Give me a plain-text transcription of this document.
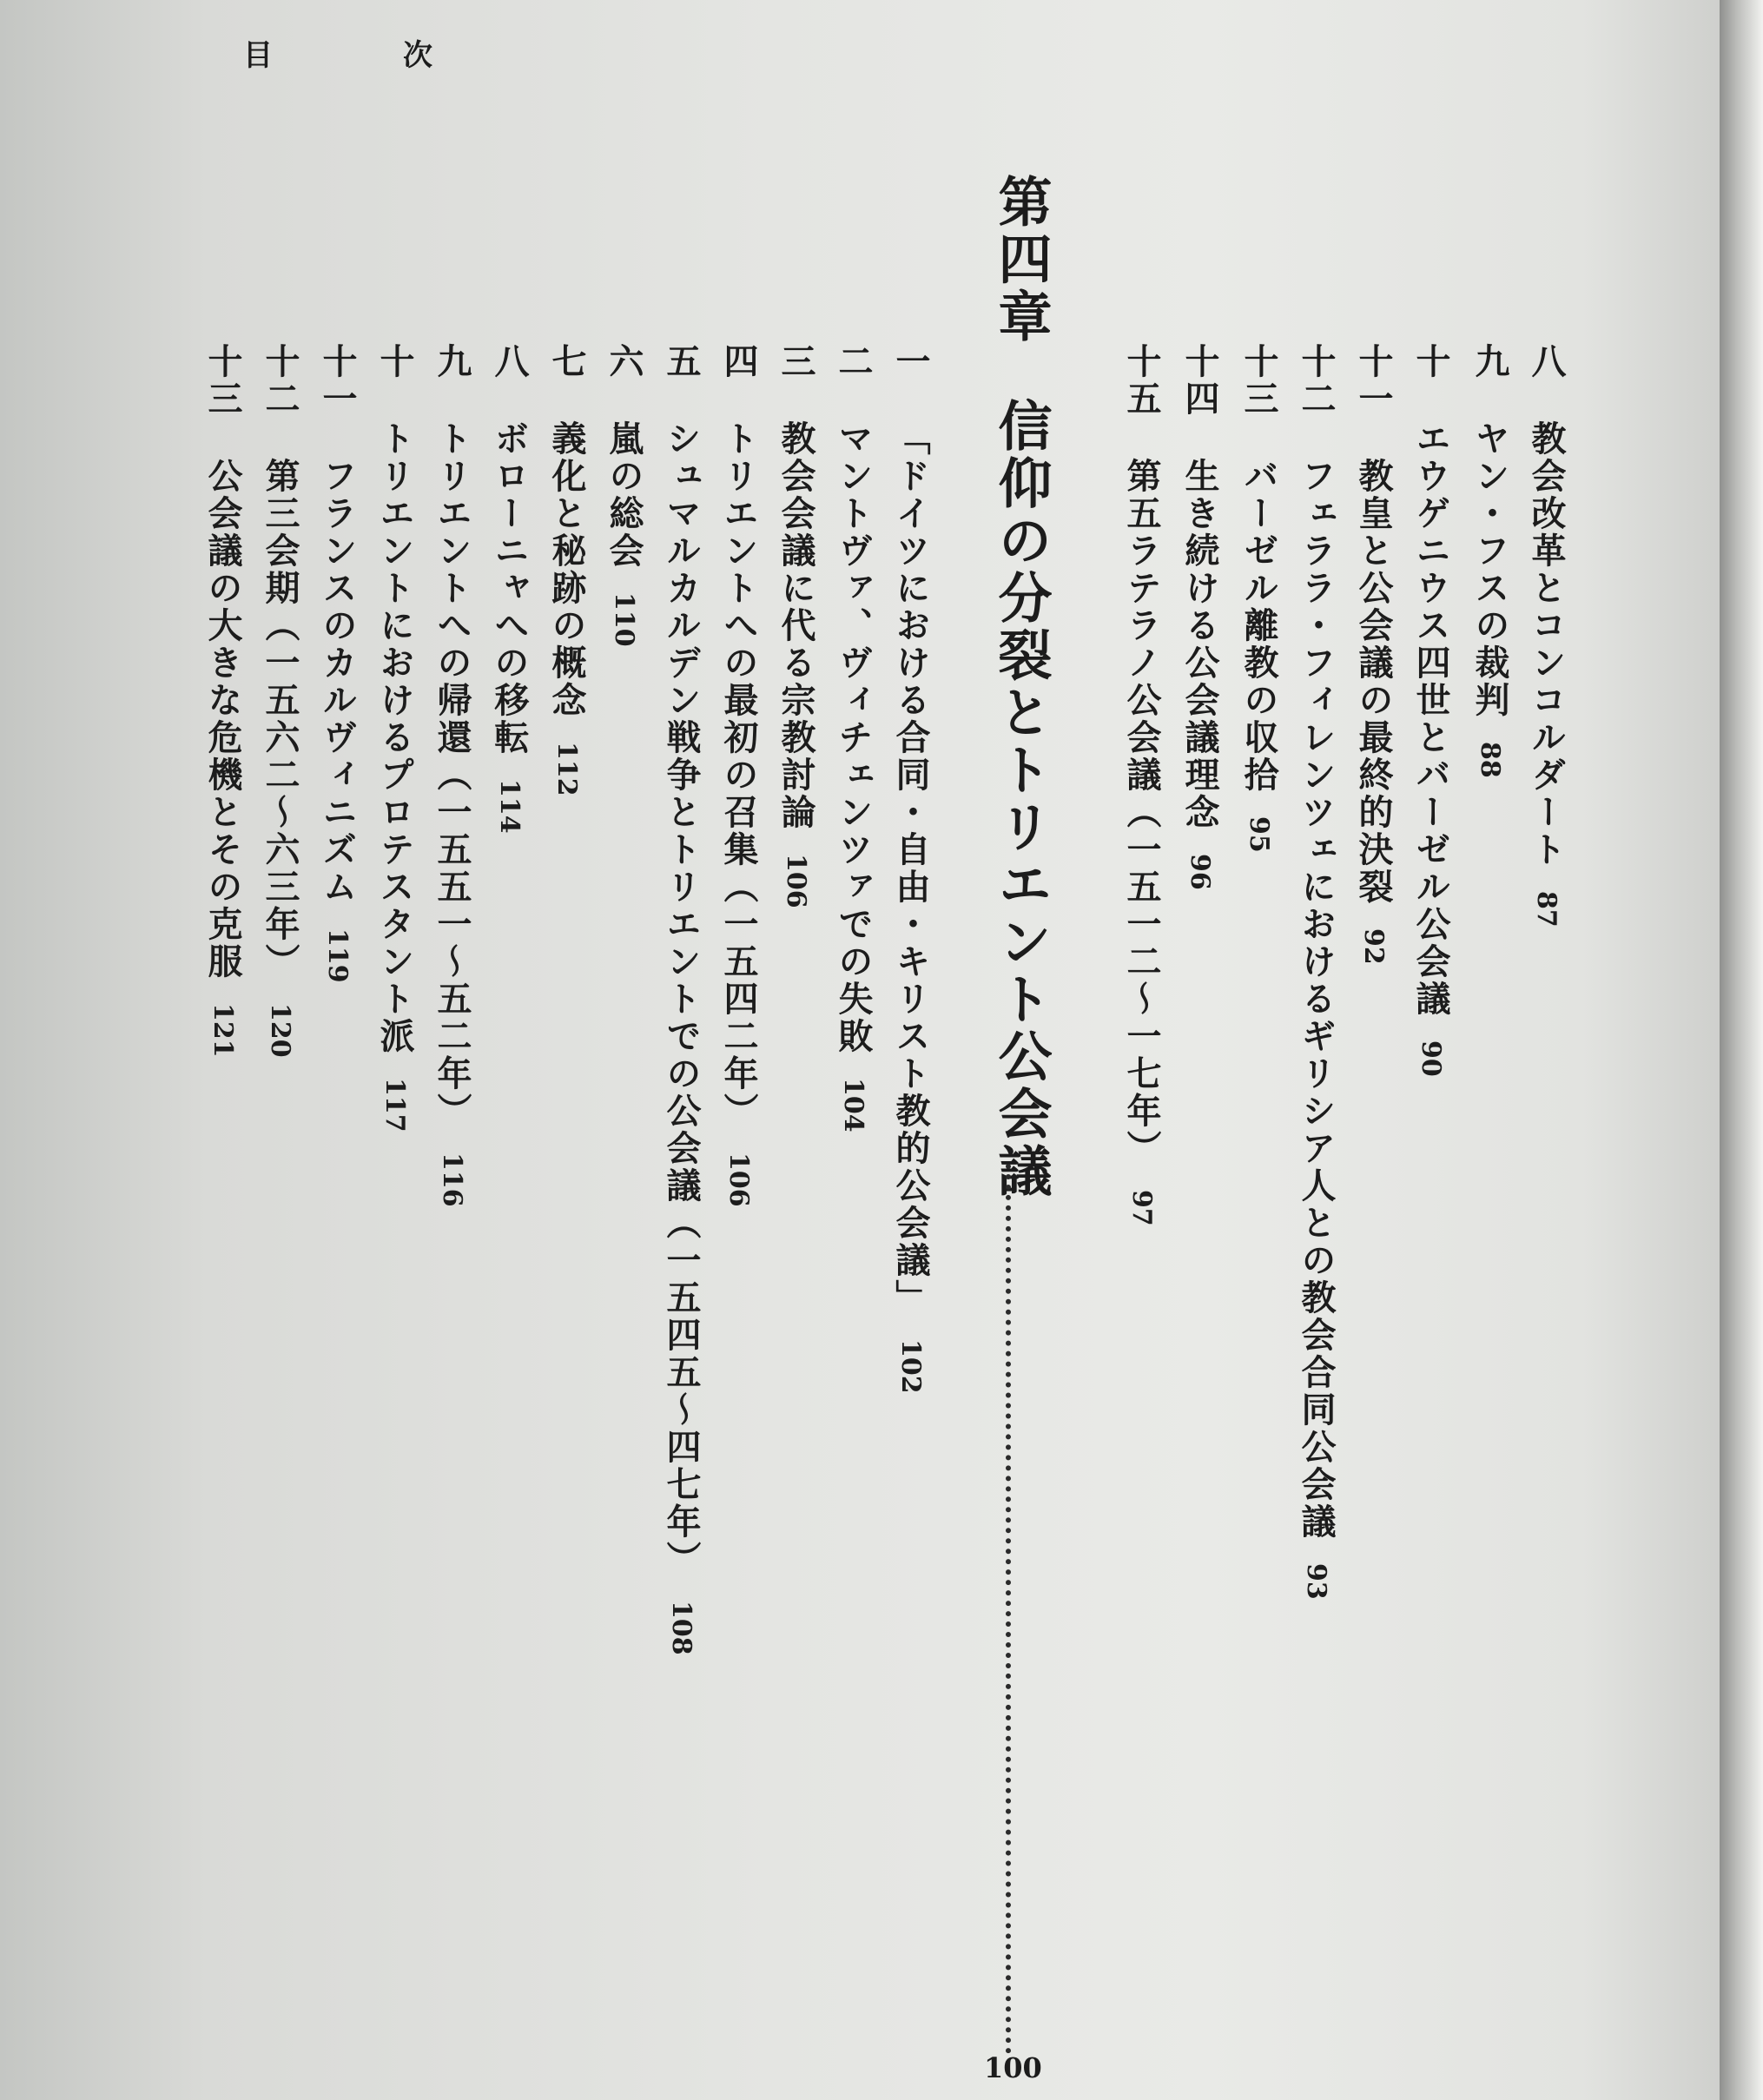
目	次
八教会改革とコンコルダート87
九ヤン・フスの裁判88
十エウゲニウス四世とバーゼル公会議90
十一教皇と公会議の最終的決裂92
十二フェララ・フィレンツェにおけるギリシア人との教会合同公会議93
十三バーゼル離教の収拾95
十四生き続ける公会議理念96
十五第五ラテラノ公会議（一五一二〜一七年）97
第四章信仰の分裂とトリエント公会議
100
一「ドイツにおける合同・自由・キリスト教的公会議」102
二マントヴァ、ヴィチェンツァでの失敗104
三教会会議に代る宗教討論106
四トリエントへの最初の召集（一五四二年）106
五シュマルカルデン戦争とトリエントでの公会議（一五四五〜四七年）108
六嵐の総会110
七義化と秘跡の概念112
八ボローニャへの移転114
九トリエントへの帰還（一五五一〜五二年）116
十トリエントにおけるプロテスタント派117
十一フランスのカルヴィニズム119
十二第三会期（一五六二〜六三年）120
十三公会議の大きな危機とその克服121
